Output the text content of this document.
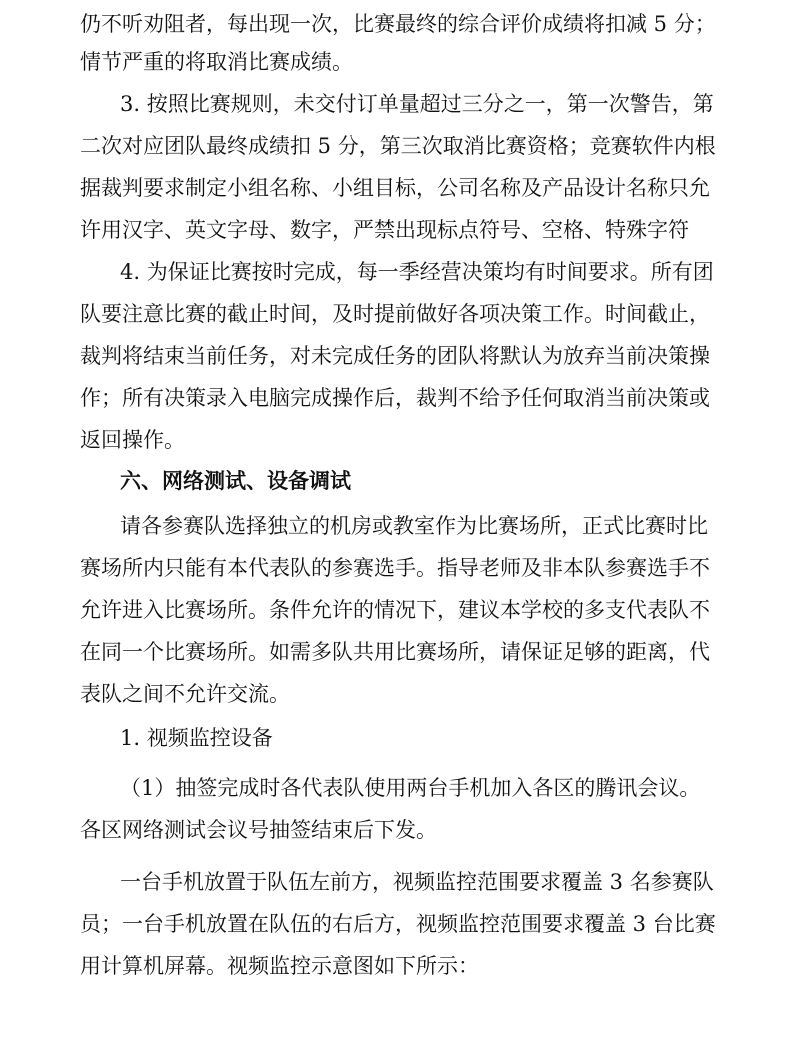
仍不听劝阻者，每出现一次，比赛最终的综合评价成绩将扣减 5 分；
情节严重的将取消比赛成绩。
3. 按照比赛规则，未交付订单量超过三分之一，第一次警告，第
二次对应团队最终成绩扣 5 分，第三次取消比赛资格；竞赛软件内根
据裁判要求制定小组名称、小组目标，公司名称及产品设计名称只允
许用汉字、英文字母、数字，严禁出现标点符号、空格、特殊字符
4. 为保证比赛按时完成，每一季经营决策均有时间要求。所有团
队要注意比赛的截止时间，及时提前做好各项决策工作。时间截止，
裁判将结束当前任务，对未完成任务的团队将默认为放弃当前决策操
作；所有决策录入电脑完成操作后，裁判不给予任何取消当前决策或
返回操作。
六、网络测试、设备调试
请各参赛队选择独立的机房或教室作为比赛场所，正式比赛时比
赛场所内只能有本代表队的参赛选手。指导老师及非本队参赛选手不
允许进入比赛场所。条件允许的情况下，建议本学校的多支代表队不
在同一个比赛场所。如需多队共用比赛场所，请保证足够的距离，代
表队之间不允许交流。
1. 视频监控设备
（1）抽签完成时各代表队使用两台手机加入各区的腾讯会议。
各区网络测试会议号抽签结束后下发。
一台手机放置于队伍左前方，视频监控范围要求覆盖 3 名参赛队
员；一台手机放置在队伍的右后方，视频监控范围要求覆盖 3 台比赛
用计算机屏幕。视频监控示意图如下所示：
